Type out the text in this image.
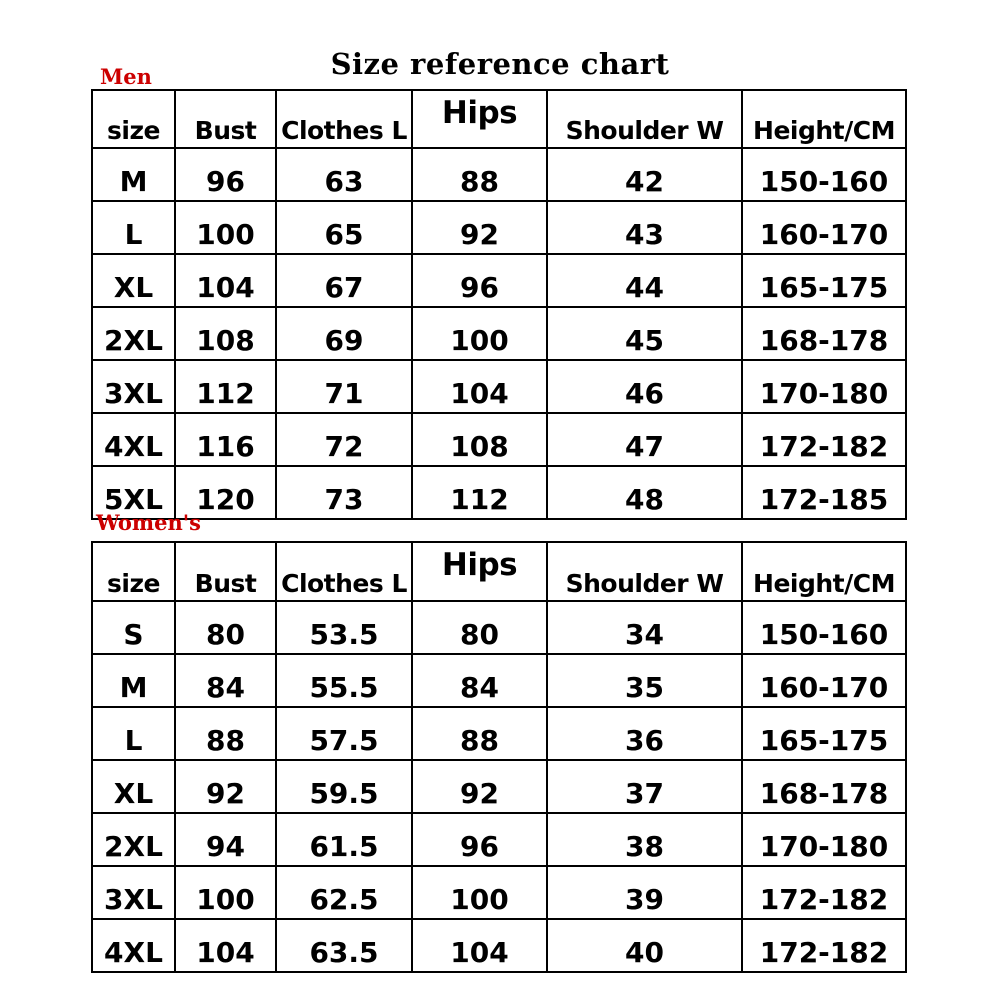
Size reference chart
Men
size	Bust	Clothes L	Hips	Shoulder W	Height/CM
M	96	63	88	42	150-160
L	100	65	92	43	160-170
XL	104	67	96	44	165-175
2XL	108	69	100	45	168-178
3XL	112	71	104	46	170-180
4XL	116	72	108	47	172-182
5XL	120	73	112	48	172-185
Women's
size	Bust	Clothes L	Hips	Shoulder W	Height/CM
S	80	53.5	80	34	150-160
M	84	55.5	84	35	160-170
L	88	57.5	88	36	165-175
XL	92	59.5	92	37	168-178
2XL	94	61.5	96	38	170-180
3XL	100	62.5	100	39	172-182
4XL	104	63.5	104	40	172-182
